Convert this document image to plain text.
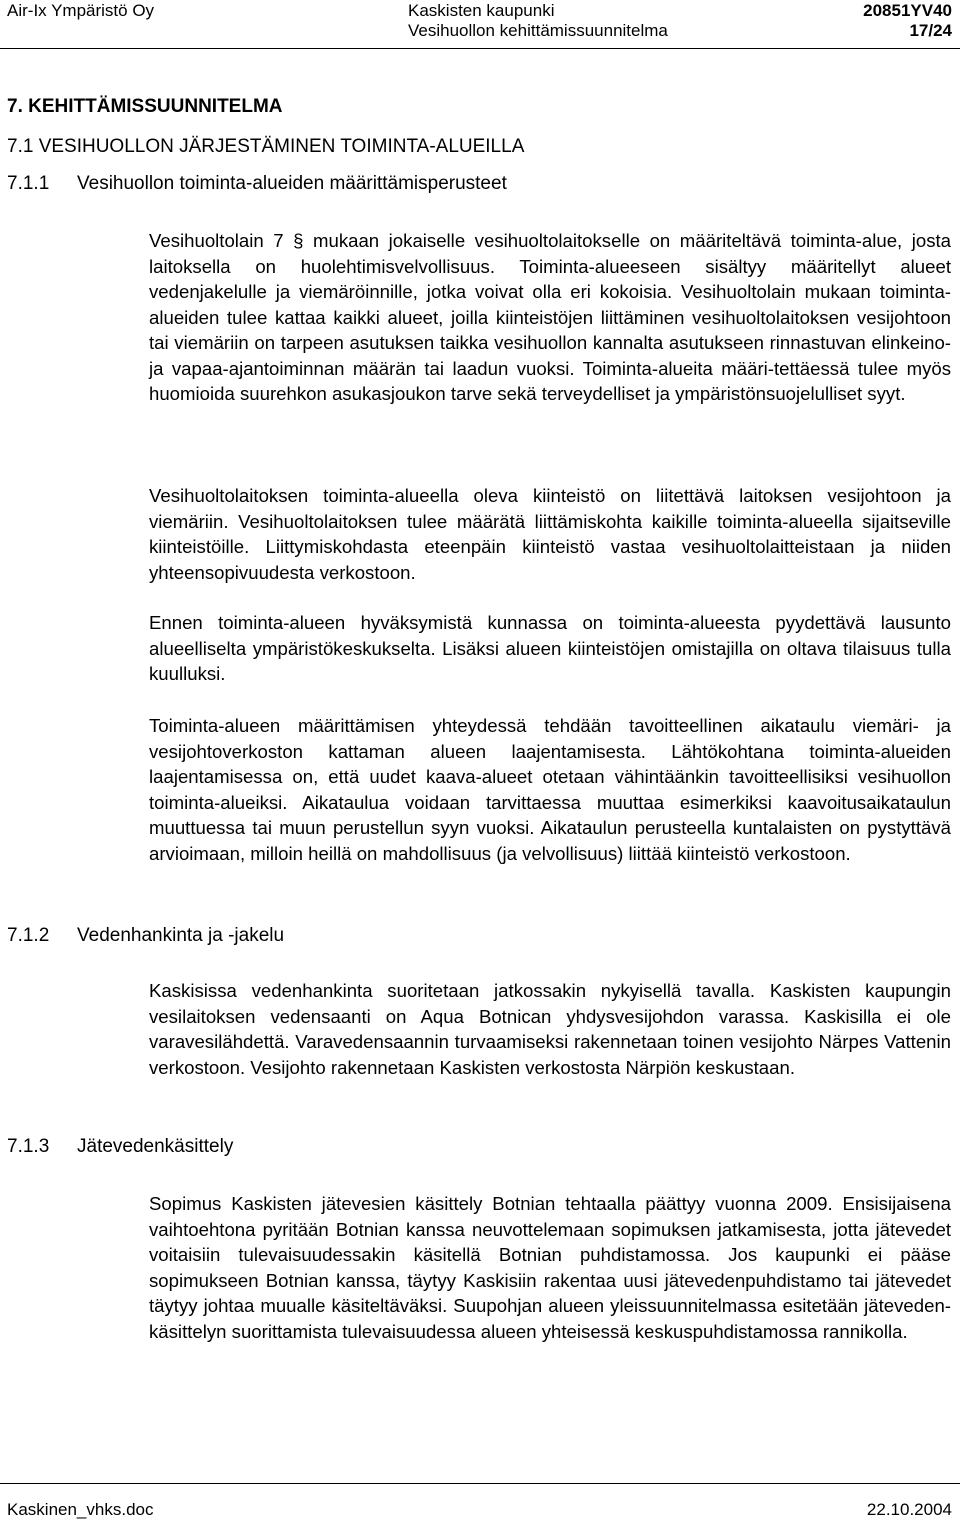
Air-Ix Ympäristö Oy	Kaskisten kaupunki
Vesihuollon kehittämissuunnitelma
20851YV40
17/24
7. KEHITTÄMISSUUNNITELMA
7.1 VESIHUOLLON JÄRJESTÄMINEN TOIMINTA-ALUEILLA
7.1.1 Vesihuollon toiminta-alueiden määrittämisperusteet
Vesihuoltolain 7 § mukaan jokaiselle vesihuoltolaitokselle on määriteltävä toiminta-alue, josta laitoksella on huolehtimisvelvollisuus. Toiminta-alueeseen sisältyy määritellyt alueet vedenjakelulle ja viemäröinnille, jotka voivat olla eri kokoisia. Vesihuoltolain mukaan toiminta-alueiden tulee kattaa kaikki alueet, joilla kiinteistöjen liittäminen vesihuoltolaitoksen vesijohtoon tai viemäriin on tarpeen asutuksen taikka vesihuollon kannalta asutukseen rinnastuvan elinkeino- ja vapaa-ajantoiminnan määrän tai laadun vuoksi. Toiminta-alueita määri-tettäessä tulee myös huomioida suurehkon asukasjoukon tarve sekä terveydelliset ja ympäristönsuojelulliset syyt.
Vesihuoltolaitoksen toiminta-alueella oleva kiinteistö on liitettävä laitoksen vesijohtoon ja viemäriin. Vesihuoltolaitoksen tulee määrätä liittämiskohta kaikille toiminta-alueella sijaitseville kiinteistöille. Liittymiskohdasta eteenpäin kiinteistö vastaa vesihuoltolaitteistaan ja niiden yhteensopivuudesta verkostoon.
Ennen toiminta-alueen hyväksymistä kunnassa on toiminta-alueesta pyydettävä lausunto alueelliselta ympäristökeskukselta. Lisäksi alueen kiinteistöjen omistajilla on oltava tilaisuus tulla kuulluksi.
Toiminta-alueen määrittämisen yhteydessä tehdään tavoitteellinen aikataulu viemäri- ja vesijohtoverkoston kattaman alueen laajentamisesta. Lähtökohtana toiminta-alueiden laajentamisessa on, että uudet kaava-alueet otetaan vähintäänkin tavoitteellisiksi vesihuollon toiminta-alueiksi. Aikataulua voidaan tarvittaessa muuttaa esimerkiksi kaavoitusaikataulun muuttuessa tai muun perustellun syyn vuoksi. Aikataulun perusteella kuntalaisten on pystyttävä arvioimaan, milloin heillä on mahdollisuus (ja velvollisuus) liittää kiinteistö verkostoon.
7.1.2 Vedenhankinta ja -jakelu
Kaskisissa vedenhankinta suoritetaan jatkossakin nykyisellä tavalla. Kaskisten kaupungin vesilaitoksen vedensaanti on Aqua Botnican yhdysvesijohdon varassa. Kaskisilla ei ole varavesilähdettä. Varavedensaannin turvaamiseksi rakennetaan toinen vesijohto Närpes Vattenin verkostoon. Vesijohto rakennetaan Kaskisten verkostosta Närpiön keskustaan.
7.1.3 Jätevedenkäsittely
Sopimus Kaskisten jätevesien käsittely Botnian tehtaalla päättyy vuonna 2009. Ensisijaisena vaihtoehtona pyritään Botnian kanssa neuvottelemaan sopimuksen jatkamisesta, jotta jätevedet voitaisiin tulevaisuudessakin käsitellä Botnian puhdistamossa. Jos kaupunki ei pääse sopimukseen Botnian kanssa, täytyy Kaskisiin rakentaa uusi jätevedenpuhdistamo tai jätevedet täytyy johtaa muualle käsiteltäväksi. Suupohjan alueen yleissuunnitelmassa esitetään jäteveden-käsittelyn suorittamista tulevaisuudessa alueen yhteisessä keskuspuhdistamossa rannikolla.
Kaskinen_vhks.doc	22.10.2004
